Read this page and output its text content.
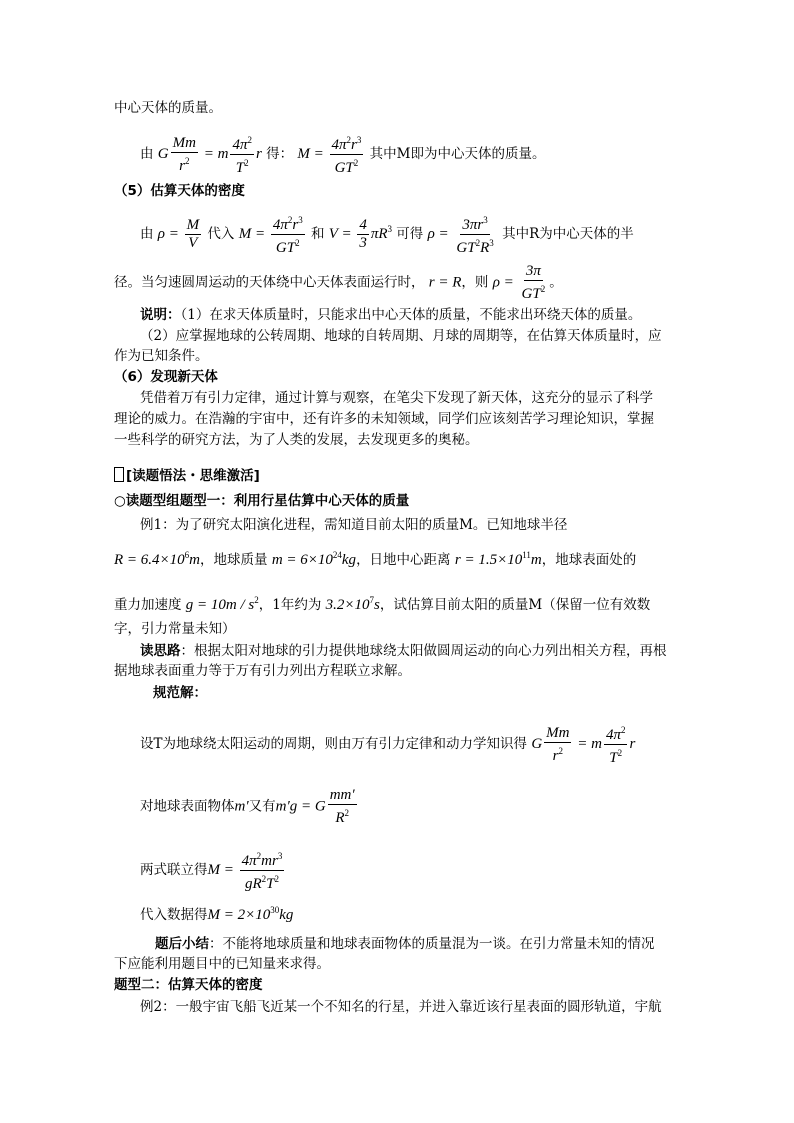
中心天体的质量。
由 G $\frac{Mm}{r^2} = m \frac{4\pi^2}{T^2}$ r 得： $M = \frac{4\pi^2r^3}{GT^2}$ 其中M即为中心天体的质量。
（5）估算天体的密度
由 $\rho = \frac{M}{V}$ 代入 $M = \frac{4\pi^2r^3}{GT^2}$ 和 $V = \frac{4}{3} \pi R^3$ 可得 $\rho = \frac{3\pi r^3}{GT^2R^3}$ 其中R为中心天体的半
径。当匀速圆周运动的天体绕中心天体表面运行时， r = R，则 $\rho = \frac{3\pi}{GT^2}$ 。
说明：（1）在求天体质量时，只能求出中心天体的质量，不能求出环绕天体的质量。
（2）应掌握地球的公转周期、地球的自转周期、月球的周期等，在估算天体质量时，应
作为已知条件。
（6）发现新天体
凭借着万有引力定律，通过计算与观察，在笔尖下发现了新天体，这充分的显示了科学
理论的威力。在浩瀚的宇宙中，还有许多的未知领域，同学们应该刻苦学习理论知识，掌握
一些科学的研究方法，为了人类的发展，去发现更多的奥秘。
[读题悟法・思维激活]
○读题型组题型一：利用行星估算中心天体的质量
例1：为了研究太阳演化进程，需知道目前太阳的质量M。已知地球半径
$R = 6.4\times 10^6m$，地球质量 $m = 6\times 10^{24}kg$，日地中心距离 $r = 1.5\times 10^{11}m$，地球表面处的
重力加速度 $g = 10m / s^2$，1年约为 $3.2\times 10^7s$，试估算目前太阳的质量M（保留一位有效数
字，引力常量未知）
读思路：根据太阳对地球的引力提供地球绕太阳做圆周运动的向心力列出相关方程，再根
据地球表面重力等于万有引力列出方程联立求解。
规范解：
设T为地球绕太阳运动的周期，则由万有引力定律和动力学知识得 G $\frac{Mm}{r^2} = m \frac{4\pi^2}{T^2}$ r
对地球表面物体m′又有m′g = G $\frac{mm'}{R^2}$
两式联立得$M = \frac{4\pi^2mr^3}{gR^2T^2}$
代入数据得$M = 2\times 10^{30}kg$
题后小结：不能将地球质量和地球表面物体的质量混为一谈。在引力常量未知的情况
下应能利用题目中的已知量来求得。
题型二：估算天体的密度
例2：一般宇宙飞船飞近某一个不知名的行星，并进入靠近该行星表面的圆形轨道，宇航
